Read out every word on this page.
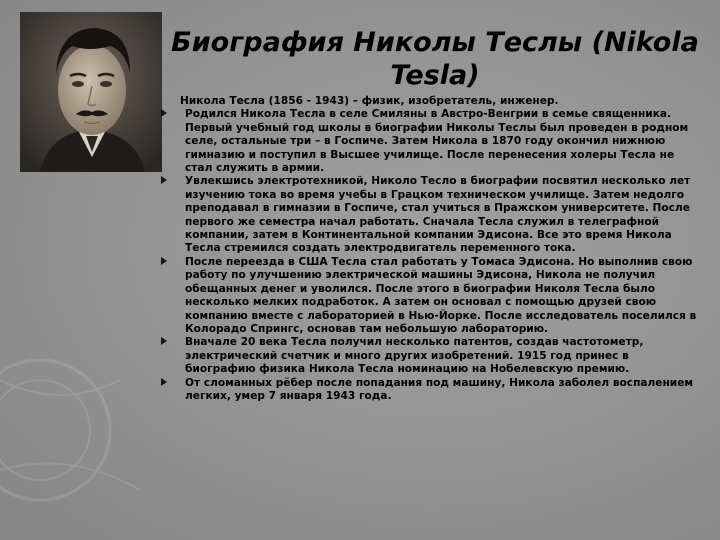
Биография Николы Теслы (Nikola Tesla)
Никола Тесла (1856 - 1943) – физик, изобретатель, инженер.
Родился Никола Тесла в селе Смиляны в Австро-Венгрии в семье священника. Первый учебный год школы в биографии Николы Теслы был проведен в родном селе, остальные три – в Госпиче. Затем Никола в 1870 году окончил нижнюю гимназию и поступил в Высшее училище. После перенесения холеры Тесла не стал служить в армии.
Увлекшись электротехникой, Николо Тесло в биографии посвятил несколько лет изучению тока во время учебы в Грацком техническом училище. Затем недолго преподавал в гимназии в Госпиче, стал учиться в Пражском университете. После первого же семестра начал работать. Сначала Тесла служил в телеграфной компании, затем в Континентальной компании Эдисона. Все это время Никола Тесла стремился создать электродвигатель переменного тока.
После переезда в США Тесла стал работать у Томаса Эдисона. Но выполнив свою работу по улучшению электрической машины Эдисона, Никола не получил обещанных денег и уволился. После этого в биографии Николя Тесла было несколько мелких подработок. А затем он основал с помощью друзей свою компанию вместе с лабораторией в Нью-Йорке. После исследователь поселился в Колорадо Спрингс, основав там небольшую лабораторию.
Вначале 20 века Тесла получил несколько патентов, создав частотометр, электрический счетчик и много других изобретений. 1915 год принес в биографию физика Никола Тесла номинацию на Нобелевскую премию.
От сломанных рёбер после попадания под машину, Никола заболел воспалением легких, умер 7 января 1943 года.
